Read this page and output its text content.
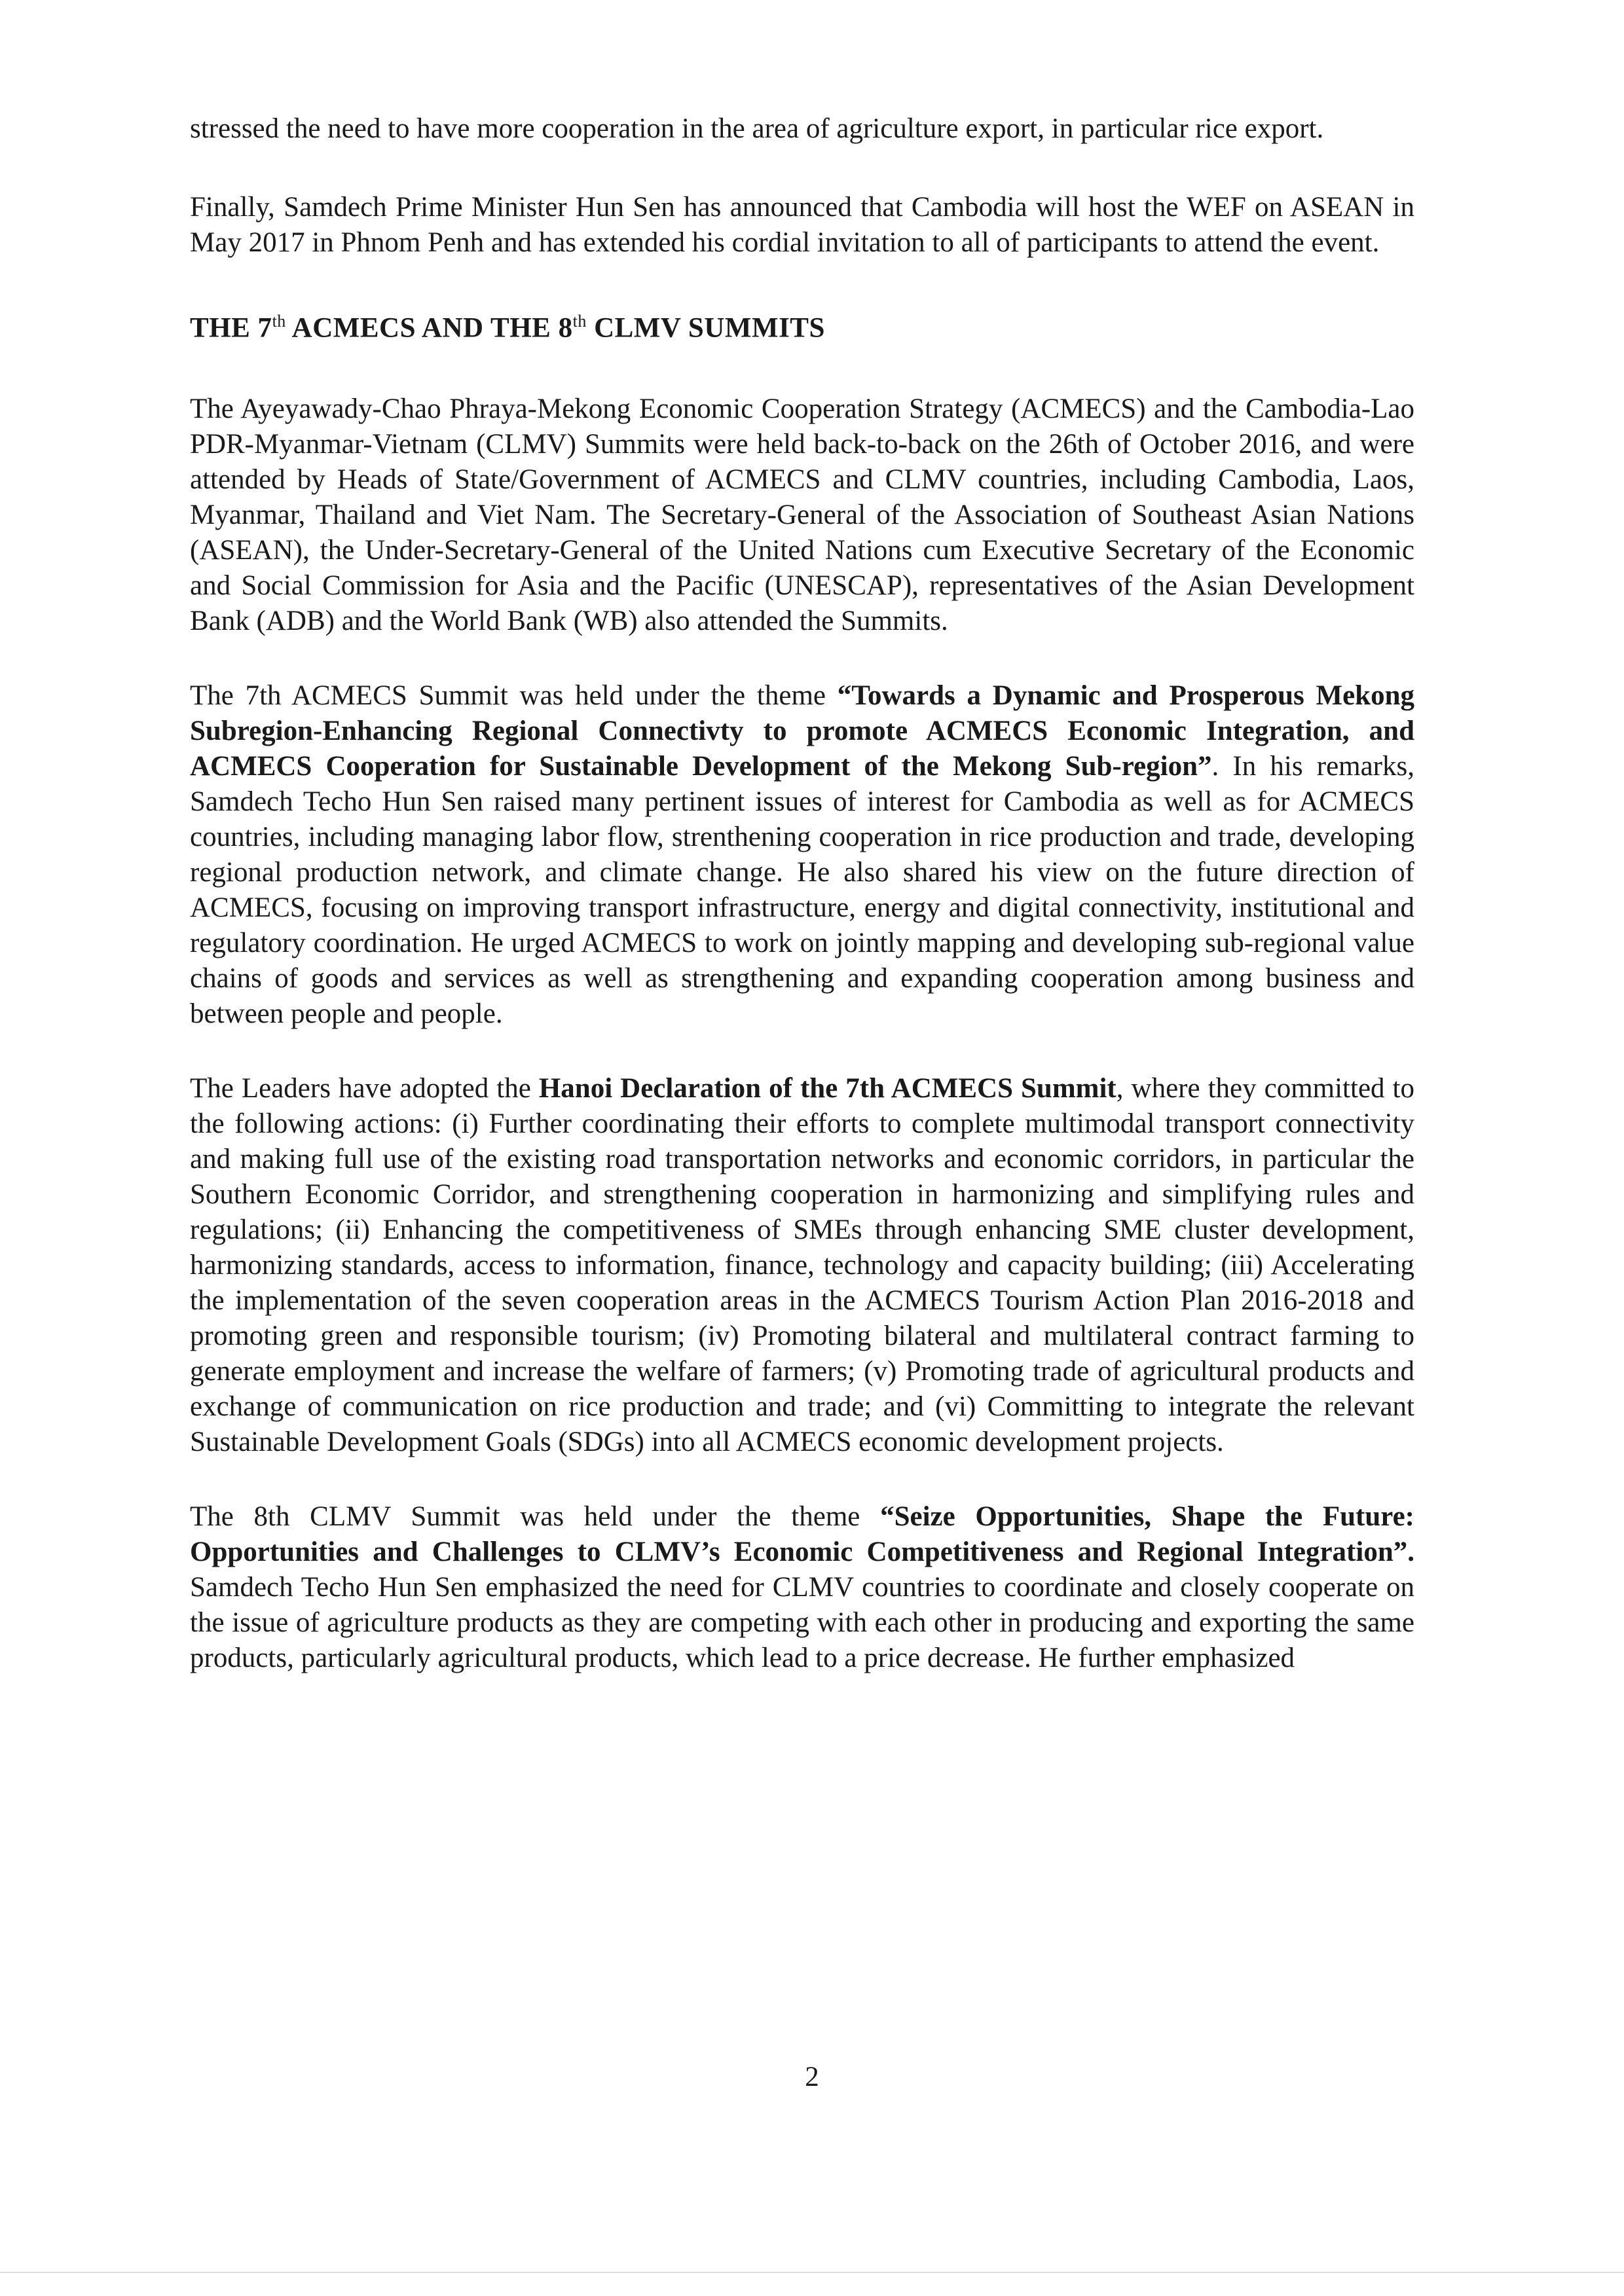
stressed the need to have more cooperation in the area of agriculture export, in particular rice export.

Finally, Samdech Prime Minister Hun Sen has announced that Cambodia will host the WEF on ASEAN in May 2017 in Phnom Penh and has extended his cordial invitation to all of participants to attend the event.

THE 7th ACMECS AND THE 8th CLMV SUMMITS

The Ayeyawady-Chao Phraya-Mekong Economic Cooperation Strategy (ACMECS) and the Cambodia-Lao PDR-Myanmar-Vietnam (CLMV) Summits were held back-to-back on the 26th of October 2016, and were attended by Heads of State/Government of ACMECS and CLMV countries, including Cambodia, Laos, Myanmar, Thailand and Viet Nam. The Secretary-General of the Association of Southeast Asian Nations (ASEAN), the Under-Secretary-General of the United Nations cum Executive Secretary of the Economic and Social Commission for Asia and the Pacific (UNESCAP), representatives of the Asian Development Bank (ADB) and the World Bank (WB) also attended the Summits.

The 7th ACMECS Summit was held under the theme “Towards a Dynamic and Prosperous Mekong Subregion-Enhancing Regional Connectivty to promote ACMECS Economic Integration, and ACMECS Cooperation for Sustainable Development of the Mekong Sub-region”. In his remarks, Samdech Techo Hun Sen raised many pertinent issues of interest for Cambodia as well as for ACMECS countries, including managing labor flow, strenthening cooperation in rice production and trade, developing regional production network, and climate change. He also shared his view on the future direction of ACMECS, focusing on improving transport infrastructure, energy and digital connectivity, institutional and regulatory coordination. He urged ACMECS to work on jointly mapping and developing sub-regional value chains of goods and services as well as strengthening and expanding cooperation among business and between people and people.

The Leaders have adopted the Hanoi Declaration of the 7th ACMECS Summit, where they committed to the following actions: (i) Further coordinating their efforts to complete multimodal transport connectivity and making full use of the existing road transportation networks and economic corridors, in particular the Southern Economic Corridor, and strengthening cooperation in harmonizing and simplifying rules and regulations; (ii) Enhancing the competitiveness of SMEs through enhancing SME cluster development, harmonizing standards, access to information, finance, technology and capacity building; (iii) Accelerating the implementation of the seven cooperation areas in the ACMECS Tourism Action Plan 2016-2018 and promoting green and responsible tourism; (iv) Promoting bilateral and multilateral contract farming to generate employment and increase the welfare of farmers; (v) Promoting trade of agricultural products and exchange of communication on rice production and trade; and (vi) Committing to integrate the relevant Sustainable Development Goals (SDGs) into all ACMECS economic development projects.

The 8th CLMV Summit was held under the theme “Seize Opportunities, Shape the Future: Opportunities and Challenges to CLMV’s Economic Competitiveness and Regional Integration”. Samdech Techo Hun Sen emphasized the need for CLMV countries to coordinate and closely cooperate on the issue of agriculture products as they are competing with each other in producing and exporting the same products, particularly agricultural products, which lead to a price decrease. He further emphasized

2
